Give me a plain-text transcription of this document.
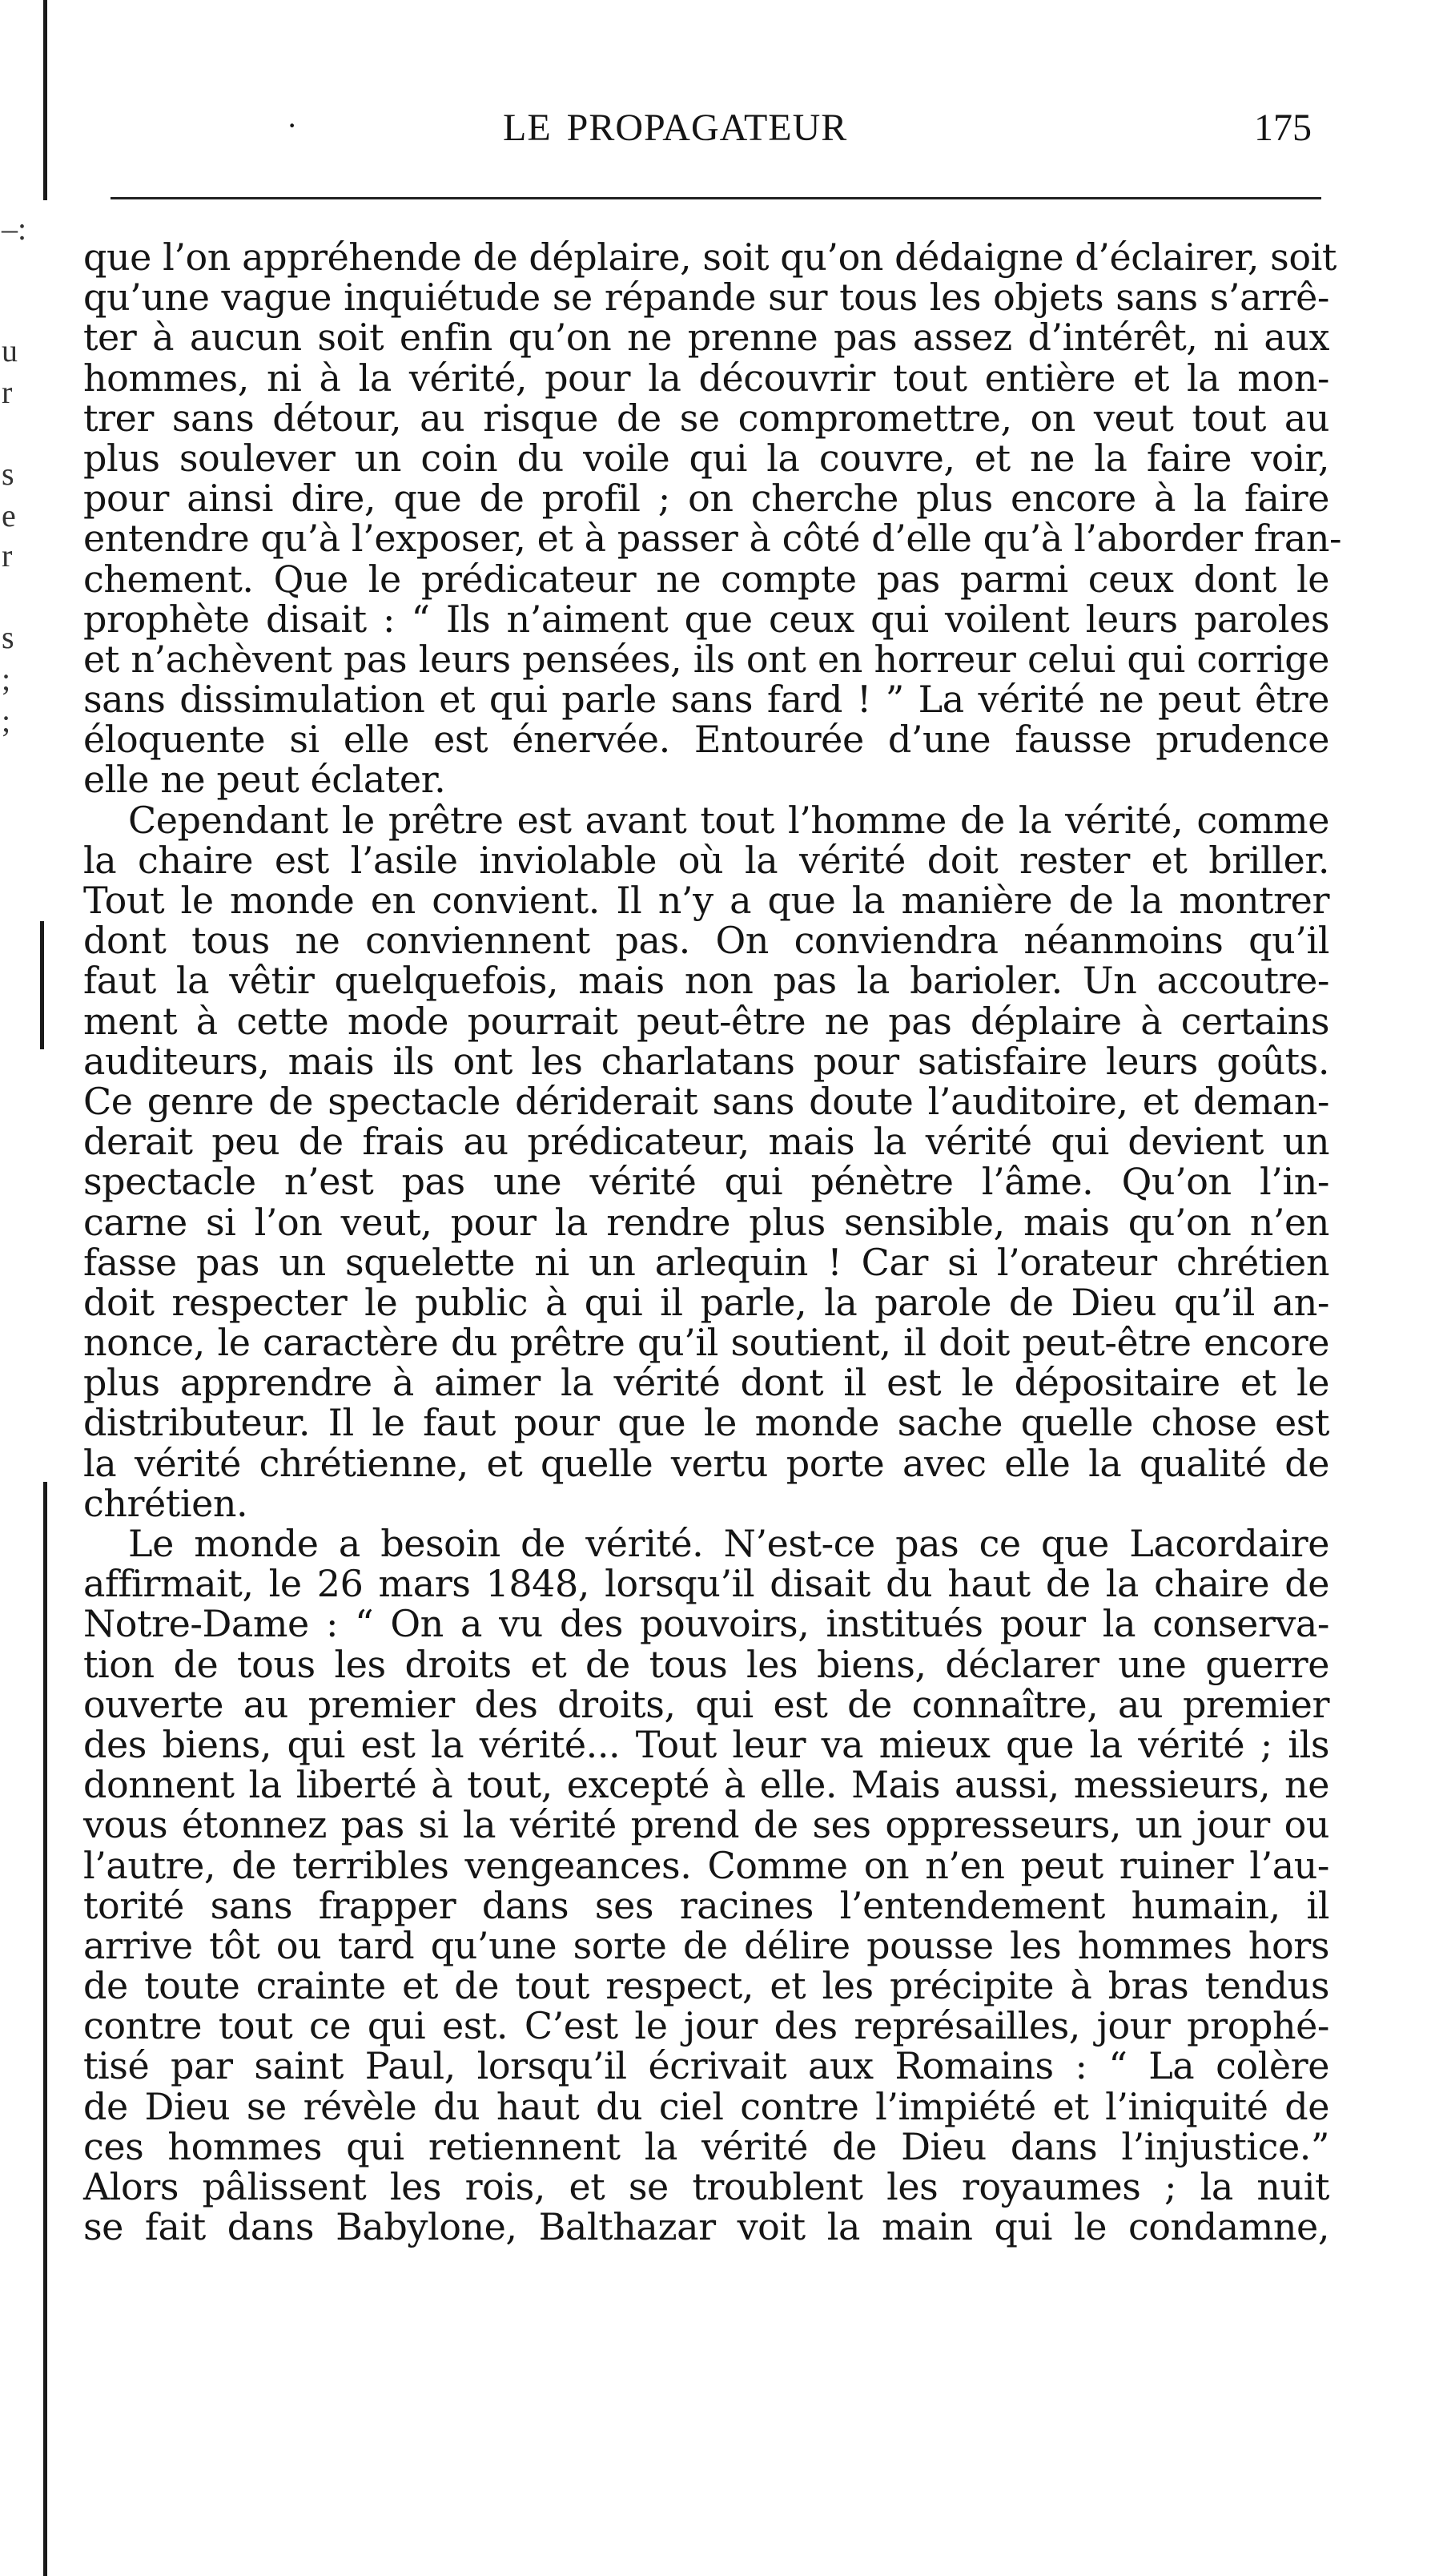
–:
u
r
s
e
r
s
;
;
·	LE PROPAGATEUR	175
que l’on appréhende de déplaire, soit qu’on dédaigne d’éclairer, soit
qu’une vague inquiétude se répande sur tous les objets sans s’arrê-
ter à aucun soit enfin qu’on ne prenne pas assez d’intérêt, ni aux
hommes, ni à la vérité, pour la découvrir tout entière et la mon-
trer sans détour, au risque de se compromettre, on veut tout au
plus soulever un coin du voile qui la couvre, et ne la faire voir,
pour ainsi dire, que de profil ; on cherche plus encore à la faire
entendre qu’à l’exposer, et à passer à côté d’elle qu’à l’aborder fran-
chement. Que le prédicateur ne compte pas parmi ceux dont le
prophète disait : “ Ils n’aiment que ceux qui voilent leurs paroles
et n’achèvent pas leurs pensées, ils ont en horreur celui qui corrige
sans dissimulation et qui parle sans fard ! ” La vérité ne peut être
éloquente si elle est énervée. Entourée d’une fausse prudence
elle ne peut éclater.
Cependant le prêtre est avant tout l’homme de la vérité, comme
la chaire est l’asile inviolable où la vérité doit rester et briller.
Tout le monde en convient. Il n’y a que la manière de la montrer
dont tous ne conviennent pas. On conviendra néanmoins qu’il
faut la vêtir quelquefois, mais non pas la barioler. Un accoutre-
ment à cette mode pourrait peut-être ne pas déplaire à certains
auditeurs, mais ils ont les charlatans pour satisfaire leurs goûts.
Ce genre de spectacle dériderait sans doute l’auditoire, et deman-
derait peu de frais au prédicateur, mais la vérité qui devient un
spectacle n’est pas une vérité qui pénètre l’âme. Qu’on l’in-
carne si l’on veut, pour la rendre plus sensible, mais qu’on n’en
fasse pas un squelette ni un arlequin ! Car si l’orateur chrétien
doit respecter le public à qui il parle, la parole de Dieu qu’il an-
nonce, le caractère du prêtre qu’il soutient, il doit peut-être encore
plus apprendre à aimer la vérité dont il est le dépositaire et le
distributeur. Il le faut pour que le monde sache quelle chose est
la vérité chrétienne, et quelle vertu porte avec elle la qualité de
chrétien.
Le monde a besoin de vérité. N’est-ce pas ce que Lacordaire
affirmait, le 26 mars 1848, lorsqu’il disait du haut de la chaire de
Notre-Dame : “ On a vu des pouvoirs, institués pour la conserva-
tion de tous les droits et de tous les biens, déclarer une guerre
ouverte au premier des droits, qui est de connaître, au premier
des biens, qui est la vérité... Tout leur va mieux que la vérité ; ils
donnent la liberté à tout, excepté à elle. Mais aussi, messieurs, ne
vous étonnez pas si la vérité prend de ses oppresseurs, un jour ou
l’autre, de terribles vengeances. Comme on n’en peut ruiner l’au-
torité sans frapper dans ses racines l’entendement humain, il
arrive tôt ou tard qu’une sorte de délire pousse les hommes hors
de toute crainte et de tout respect, et les précipite à bras tendus
contre tout ce qui est. C’est le jour des représailles, jour prophé-
tisé par saint Paul, lorsqu’il écrivait aux Romains : “ La colère
de Dieu se révèle du haut du ciel contre l’impiété et l’iniquité de
ces hommes qui retiennent la vérité de Dieu dans l’injustice.”
Alors pâlissent les rois, et se troublent les royaumes ; la nuit
se fait dans Babylone, Balthazar voit la main qui le condamne,
